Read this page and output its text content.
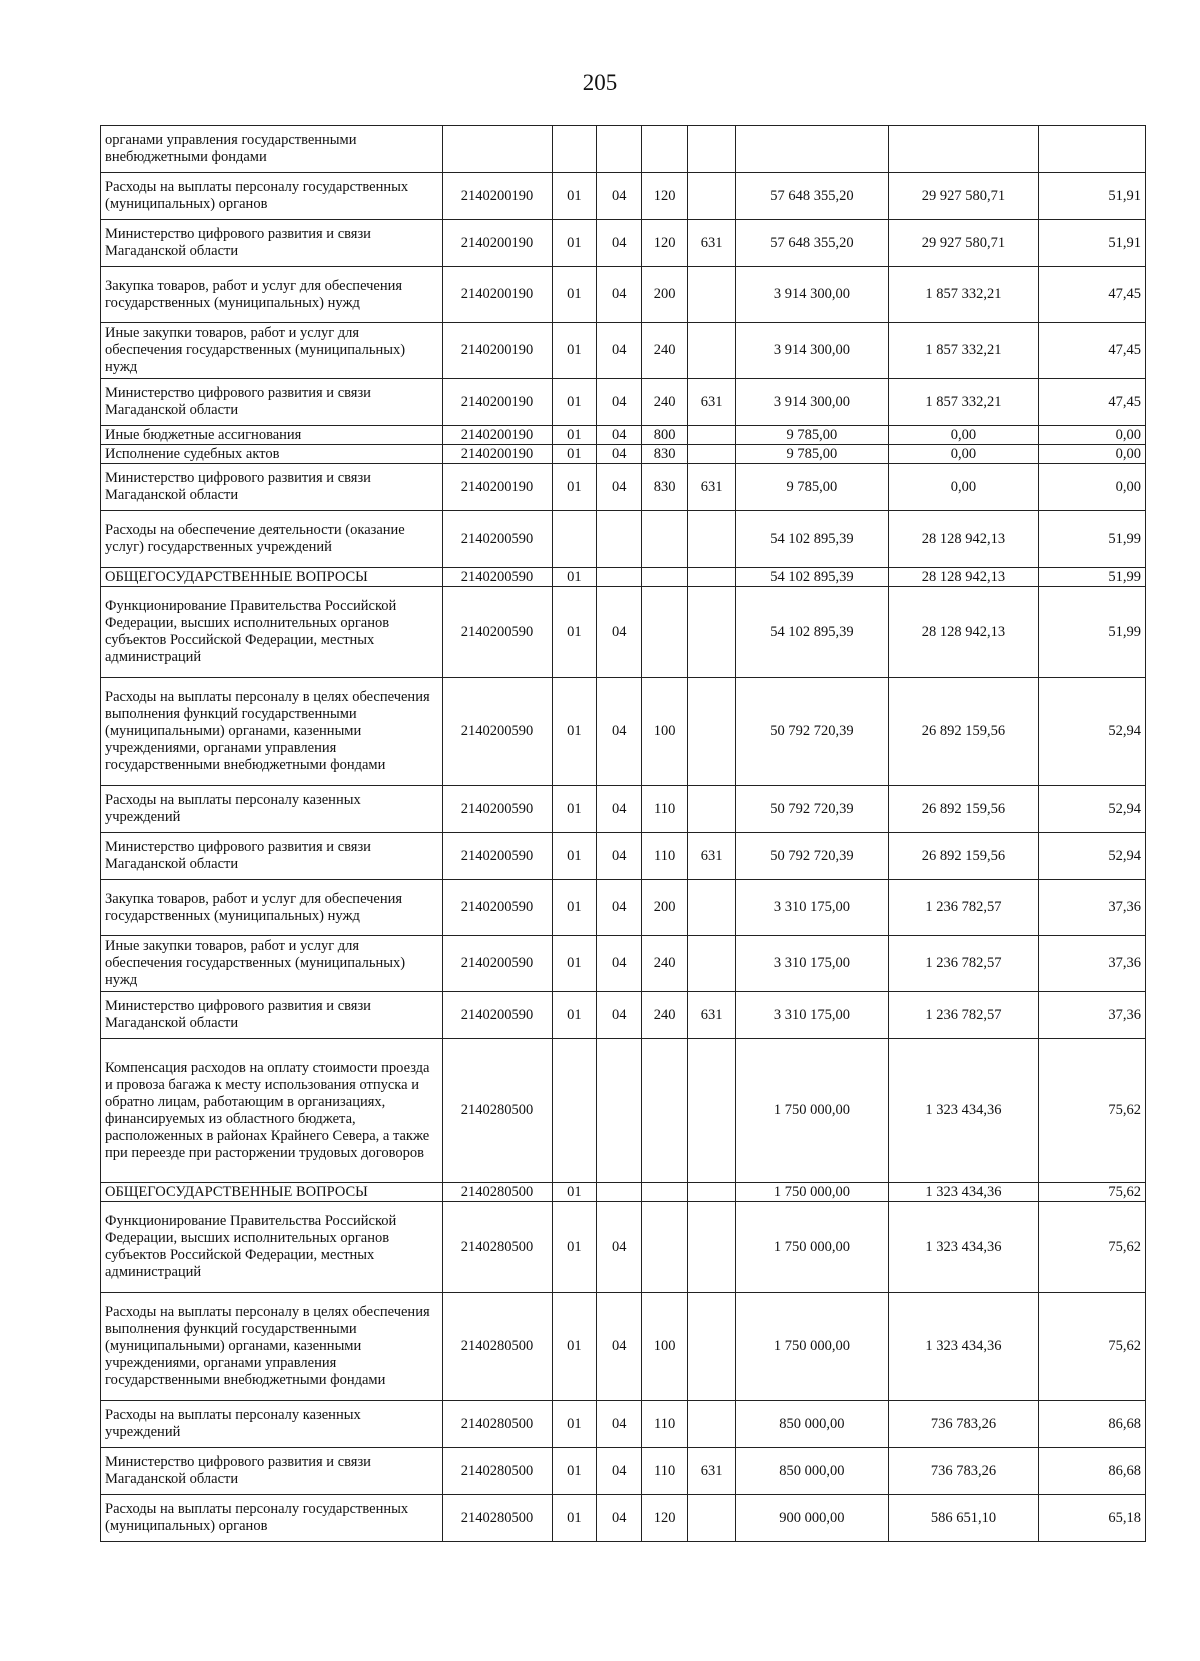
205
органами управления государственными внебюджетными фондами								
Расходы на выплаты персоналу государственных (муниципальных) органов	2140200190	01	04	120		57 648 355,20	29 927 580,71	51,91
Министерство цифрового развития и связи Магаданской области	2140200190	01	04	120	631	57 648 355,20	29 927 580,71	51,91
Закупка товаров, работ и услуг для обеспечения государственных (муниципальных) нужд	2140200190	01	04	200		3 914 300,00	1 857 332,21	47,45
Иные закупки товаров, работ и услуг для обеспечения государственных (муниципальных) нужд	2140200190	01	04	240		3 914 300,00	1 857 332,21	47,45
Министерство цифрового развития и связи Магаданской области	2140200190	01	04	240	631	3 914 300,00	1 857 332,21	47,45
Иные бюджетные ассигнования	2140200190	01	04	800		9 785,00	0,00	0,00
Исполнение судебных актов	2140200190	01	04	830		9 785,00	0,00	0,00
Министерство цифрового развития и связи Магаданской области	2140200190	01	04	830	631	9 785,00	0,00	0,00
Расходы на обеспечение деятельности (оказание услуг) государственных учреждений	2140200590					54 102 895,39	28 128 942,13	51,99
ОБЩЕГОСУДАРСТВЕННЫЕ ВОПРОСЫ	2140200590	01				54 102 895,39	28 128 942,13	51,99
Функционирование Правительства Российской Федерации, высших исполнительных органов субъектов Российской Федерации, местных администраций	2140200590	01	04			54 102 895,39	28 128 942,13	51,99
Расходы на выплаты персоналу в целях обеспечения выполнения функций государственными (муниципальными) органами, казенными учреждениями, органами управления государственными внебюджетными фондами	2140200590	01	04	100		50 792 720,39	26 892 159,56	52,94
Расходы на выплаты персоналу казенных учреждений	2140200590	01	04	110		50 792 720,39	26 892 159,56	52,94
Министерство цифрового развития и связи Магаданской области	2140200590	01	04	110	631	50 792 720,39	26 892 159,56	52,94
Закупка товаров, работ и услуг для обеспечения государственных (муниципальных) нужд	2140200590	01	04	200		3 310 175,00	1 236 782,57	37,36
Иные закупки товаров, работ и услуг для обеспечения государственных (муниципальных) нужд	2140200590	01	04	240		3 310 175,00	1 236 782,57	37,36
Министерство цифрового развития и связи Магаданской области	2140200590	01	04	240	631	3 310 175,00	1 236 782,57	37,36
Компенсация расходов на оплату стоимости проезда и провоза багажа к месту использования отпуска и обратно лицам, работающим в организациях, финансируемых из областного бюджета, расположенных в районах Крайнего Севера, а также при переезде при расторжении трудовых договоров	2140280500					1 750 000,00	1 323 434,36	75,62
ОБЩЕГОСУДАРСТВЕННЫЕ ВОПРОСЫ	2140280500	01				1 750 000,00	1 323 434,36	75,62
Функционирование Правительства Российской Федерации, высших исполнительных органов субъектов Российской Федерации, местных администраций	2140280500	01	04			1 750 000,00	1 323 434,36	75,62
Расходы на выплаты персоналу в целях обеспечения выполнения функций государственными (муниципальными) органами, казенными учреждениями, органами управления государственными внебюджетными фондами	2140280500	01	04	100		1 750 000,00	1 323 434,36	75,62
Расходы на выплаты персоналу казенных учреждений	2140280500	01	04	110		850 000,00	736 783,26	86,68
Министерство цифрового развития и связи Магаданской области	2140280500	01	04	110	631	850 000,00	736 783,26	86,68
Расходы на выплаты персоналу государственных (муниципальных) органов	2140280500	01	04	120		900 000,00	586 651,10	65,18
